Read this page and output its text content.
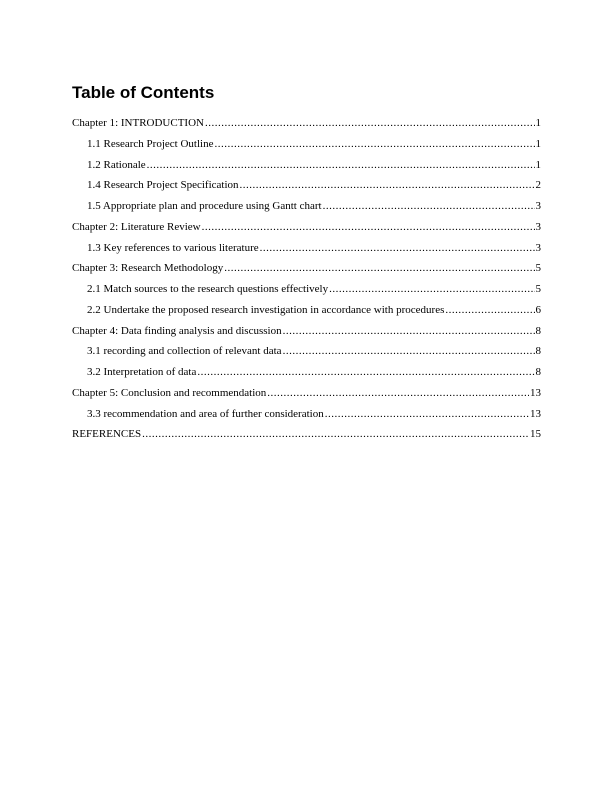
Table of Contents
Chapter 1: INTRODUCTION .....	1
1.1 Research Project Outline .....	1
1.2 Rationale .....	1
1.4 Research Project Specification .....	2
1.5 Appropriate plan and procedure using Gantt chart .....	3
Chapter 2: Literature Review .....	3
1.3 Key references to various literature .....	3
Chapter 3: Research Methodology .....	5
2.1 Match sources to the research questions effectively .....	5
2.2 Undertake the proposed research investigation in accordance with procedures .....	6
Chapter 4: Data finding analysis and discussion .....	8
3.1 recording and collection of relevant data .....	8
3.2 Interpretation of data .....	8
Chapter 5: Conclusion and recommendation .....	13
3.3 recommendation and area of further consideration .....	13
REFERENCES .....	15
